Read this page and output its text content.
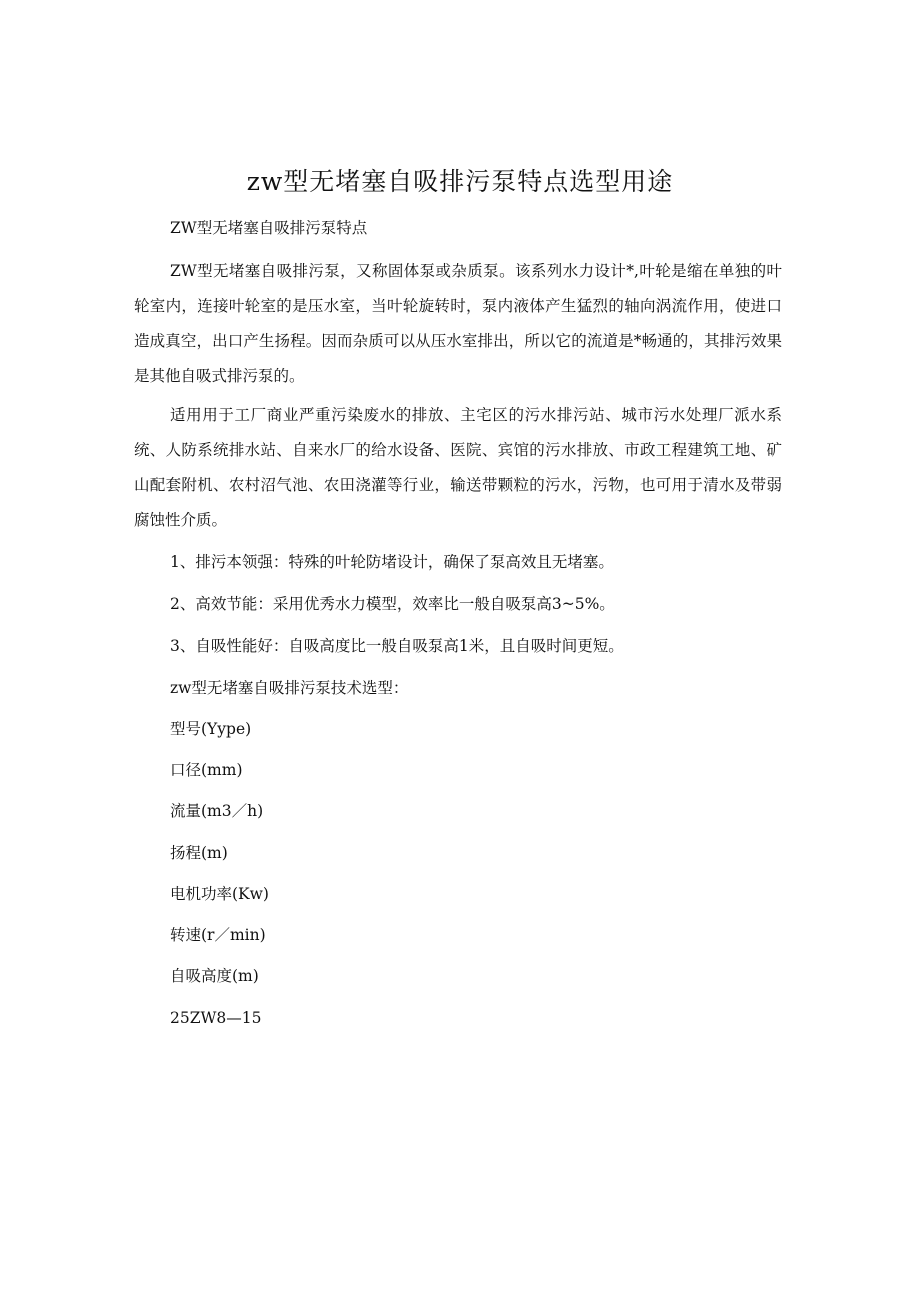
zw型无堵塞自吸排污泵特点选型用途

ZW型无堵塞自吸排污泵特点

ZW型无堵塞自吸排污泵，又称固体泵或杂质泵。该系列水力设计*,叶轮是缩在单独的叶轮室内，连接叶轮室的是压水室，当叶轮旋转时，泵内液体产生猛烈的轴向涡流作用，使进口造成真空，出口产生扬程。因而杂质可以从压水室排出，所以它的流道是*畅通的，其排污效果是其他自吸式排污泵的。

适用用于工厂商业严重污染废水的排放、主宅区的污水排污站、城市污水处理厂派水系统、人防系统排水站、自来水厂的给水设备、医院、宾馆的污水排放、市政工程建筑工地、矿山配套附机、农村沼气池、农田浇灌等行业，输送带颗粒的污水，污物，也可用于清水及带弱腐蚀性介质。

1、排污本领强：特殊的叶轮防堵设计，确保了泵高效且无堵塞。

2、高效节能：采用优秀水力模型，效率比一般自吸泵高3~5%。

3、自吸性能好：自吸高度比一般自吸泵高1米，且自吸时间更短。

zw型无堵塞自吸排污泵技术选型：

型号(Yype)

口径(mm)

流量(m3／h)

扬程(m)

电机功率(Kw)

转速(r／min)

自吸高度(m)

25ZW8—15
